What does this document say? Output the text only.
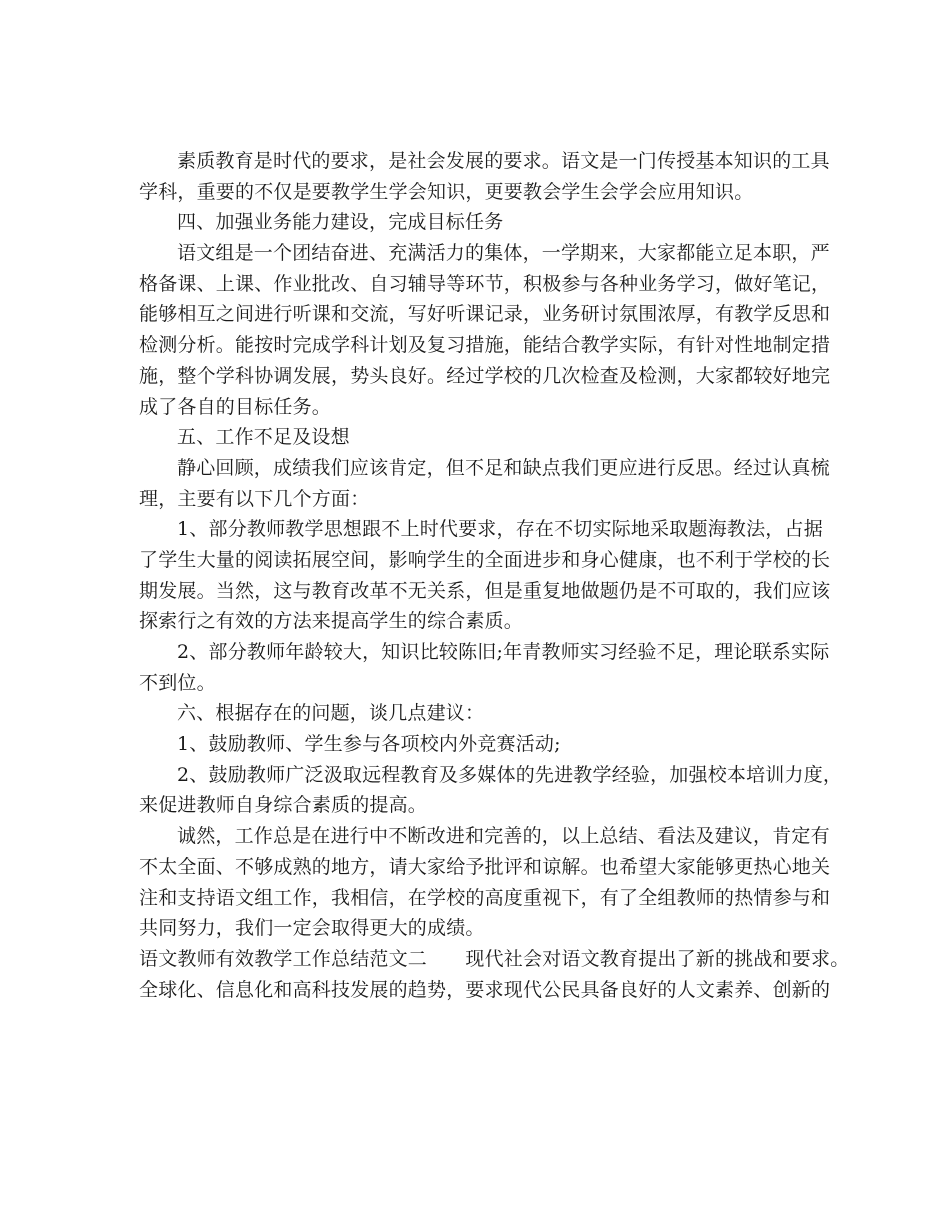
素质教育是时代的要求，是社会发展的要求。语文是一门传授基本知识的工具
学科，重要的不仅是要教学生学会知识，更要教会学生会学会应用知识。
四、加强业务能力建设，完成目标任务
语文组是一个团结奋进、充满活力的集体，一学期来，大家都能立足本职，严
格备课、上课、作业批改、自习辅导等环节，积极参与各种业务学习，做好笔记，
能够相互之间进行听课和交流，写好听课记录，业务研讨氛围浓厚，有教学反思和
检测分析。能按时完成学科计划及复习措施，能结合教学实际，有针对性地制定措
施，整个学科协调发展，势头良好。经过学校的几次检查及检测，大家都较好地完
成了各自的目标任务。
五、工作不足及设想
静心回顾，成绩我们应该肯定，但不足和缺点我们更应进行反思。经过认真梳
理，主要有以下几个方面：
1、部分教师教学思想跟不上时代要求，存在不切实际地采取题海教法，占据
了学生大量的阅读拓展空间，影响学生的全面进步和身心健康，也不利于学校的长
期发展。当然，这与教育改革不无关系，但是重复地做题仍是不可取的，我们应该
探索行之有效的方法来提高学生的综合素质。
2、部分教师年龄较大，知识比较陈旧;年青教师实习经验不足，理论联系实际
不到位。
六、根据存在的问题，谈几点建议：
1、鼓励教师、学生参与各项校内外竞赛活动;
2、鼓励教师广泛汲取远程教育及多媒体的先进教学经验，加强校本培训力度，
来促进教师自身综合素质的提高。
诚然，工作总是在进行中不断改进和完善的，以上总结、看法及建议，肯定有
不太全面、不够成熟的地方，请大家给予批评和谅解。也希望大家能够更热心地关
注和支持语文组工作，我相信，在学校的高度重视下，有了全组教师的热情参与和
共同努力，我们一定会取得更大的成绩。
语文教师有效教学工作总结范文二　　现代社会对语文教育提出了新的挑战和要求。
全球化、信息化和高科技发展的趋势，要求现代公民具备良好的人文素养、创新的
